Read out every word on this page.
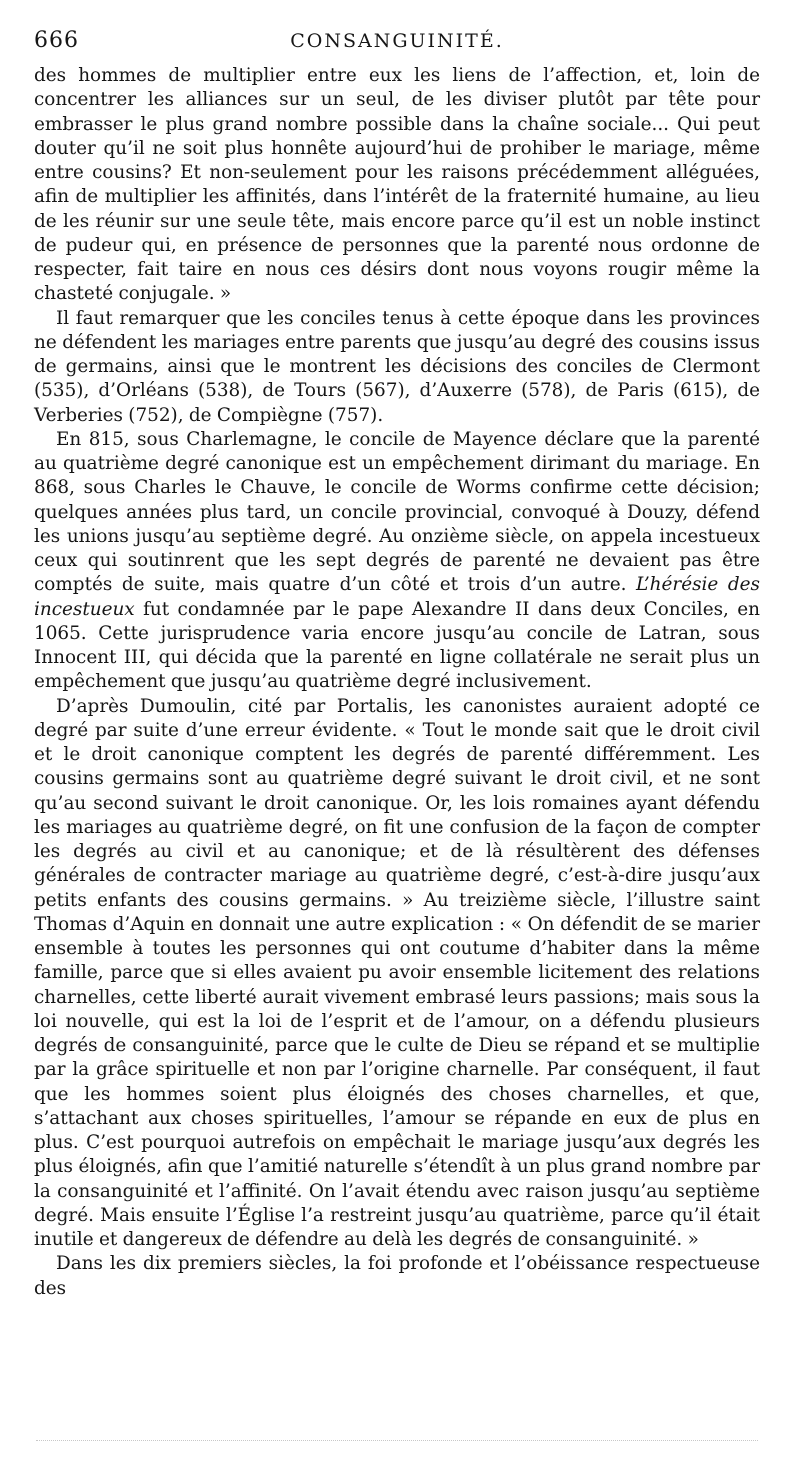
666	CONSANGUINITÉ.

des hommes de multiplier entre eux les liens de l’affection, et, loin de concentrer les alliances sur un seul, de les diviser plutôt par tête pour embrasser le plus grand nombre possible dans la chaîne sociale... Qui peut douter qu’il ne soit plus honnête aujourd’hui de prohiber le mariage, même entre cousins? Et non-seulement pour les raisons précédemment alléguées, afin de multiplier les affinités, dans l’intérêt de la fraternité humaine, au lieu de les réunir sur une seule tête, mais encore parce qu’il est un noble instinct de pudeur qui, en présence de personnes que la parenté nous ordonne de respecter, fait taire en nous ces désirs dont nous voyons rougir même la chasteté conjugale. »

Il faut remarquer que les conciles tenus à cette époque dans les provinces ne défendent les mariages entre parents que jusqu’au degré des cousins issus de germains, ainsi que le montrent les décisions des conciles de Clermont (535), d’Orléans (538), de Tours (567), d’Auxerre (578), de Paris (615), de Verberies (752), de Compiègne (757).

En 815, sous Charlemagne, le concile de Mayence déclare que la parenté au quatrième degré canonique est un empêchement dirimant du mariage. En 868, sous Charles le Chauve, le concile de Worms confirme cette décision; quelques années plus tard, un concile provincial, convoqué à Douzy, défend les unions jusqu’au septième degré. Au onzième siècle, on appela incestueux ceux qui soutinrent que les sept degrés de parenté ne devaient pas être comptés de suite, mais quatre d’un côté et trois d’un autre. L’hérésie des incestueux fut condamnée par le pape Alexandre II dans deux Conciles, en 1065. Cette jurisprudence varia encore jusqu’au concile de Latran, sous Innocent III, qui décida que la parenté en ligne collatérale ne serait plus un empêchement que jusqu’au quatrième degré inclusivement.

D’après Dumoulin, cité par Portalis, les canonistes auraient adopté ce degré par suite d’une erreur évidente. « Tout le monde sait que le droit civil et le droit canonique comptent les degrés de parenté différemment. Les cousins germains sont au quatrième degré suivant le droit civil, et ne sont qu’au second suivant le droit canonique. Or, les lois romaines ayant défendu les mariages au quatrième degré, on fit une confusion de la façon de compter les degrés au civil et au canonique; et de là résultèrent des défenses générales de contracter mariage au quatrième degré, c’est-à-dire jusqu’aux petits enfants des cousins germains. » Au treizième siècle, l’illustre saint Thomas d’Aquin en donnait une autre explication : « On défendit de se marier ensemble à toutes les personnes qui ont coutume d’habiter dans la même famille, parce que si elles avaient pu avoir ensemble licitement des relations charnelles, cette liberté aurait vivement embrasé leurs passions; mais sous la loi nouvelle, qui est la loi de l’esprit et de l’amour, on a défendu plusieurs degrés de consanguinité, parce que le culte de Dieu se répand et se multiplie par la grâce spirituelle et non par l’origine charnelle. Par conséquent, il faut que les hommes soient plus éloignés des choses charnelles, et que, s’attachant aux choses spirituelles, l’amour se répande en eux de plus en plus. C’est pourquoi autrefois on empêchait le mariage jusqu’aux degrés les plus éloignés, afin que l’amitié naturelle s’étendît à un plus grand nombre par la consanguinité et l’affinité. On l’avait étendu avec raison jusqu’au septième degré. Mais ensuite l’Église l’a restreint jusqu’au quatrième, parce qu’il était inutile et dangereux de défendre au delà les degrés de consanguinité. »

Dans les dix premiers siècles, la foi profonde et l’obéissance respectueuse des
